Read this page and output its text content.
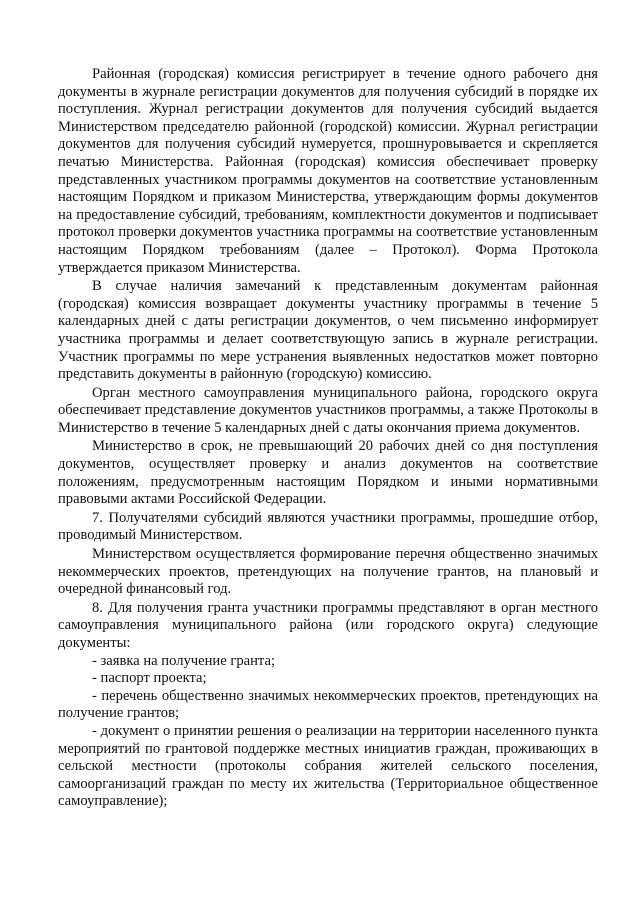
Районная (городская) комиссия регистрирует в течение одного рабочего дня документы в журнале регистрации документов для получения субсидий в порядке их поступления. Журнал регистрации документов для получения субсидий выдается Министерством председателю районной (городской) комиссии. Журнал регистрации документов для получения субсидий нумеруется, прошнуровывается и скрепляется печатью Министерства. Районная (городская) комиссия обеспечивает проверку представленных участником программы документов на соответствие установленным настоящим Порядком и приказом Министерства, утверждающим формы документов на предоставление субсидий, требованиям, комплектности документов и подписывает протокол проверки документов участника программы на соответствие установленным настоящим Порядком требованиям (далее – Протокол). Форма Протокола утверждается приказом Министерства.

В случае наличия замечаний к представленным документам районная (городская) комиссия возвращает документы участнику программы в течение 5 календарных дней с даты регистрации документов, о чем письменно информирует участника программы и делает соответствующую запись в журнале регистрации. Участник программы по мере устранения выявленных недостатков может повторно представить документы в районную (городскую) комиссию.

Орган местного самоуправления муниципального района, городского округа обеспечивает представление документов участников программы, а также Протоколы в Министерство в течение 5 календарных дней с даты окончания приема документов.

Министерство в срок, не превышающий 20 рабочих дней со дня поступления документов, осуществляет проверку и анализ документов на соответствие положениям, предусмотренным настоящим Порядком и иными нормативными правовыми актами Российской Федерации.

7. Получателями субсидий являются участники программы, прошедшие отбор, проводимый Министерством.

Министерством осуществляется формирование перечня общественно значимых некоммерческих проектов, претендующих на получение грантов, на плановый и очередной финансовый год.

8. Для получения гранта участники программы представляют в орган местного самоуправления муниципального района (или городского округа) следующие документы:

- заявка на получение гранта;

- паспорт проекта;

- перечень общественно значимых некоммерческих проектов, претендующих на получение грантов;

- документ о принятии решения о реализации на территории населенного пункта мероприятий по грантовой поддержке местных инициатив граждан, проживающих в сельской местности (протоколы собрания жителей сельского поселения, самоорганизаций граждан по месту их жительства (Территориальное общественное самоуправление);
